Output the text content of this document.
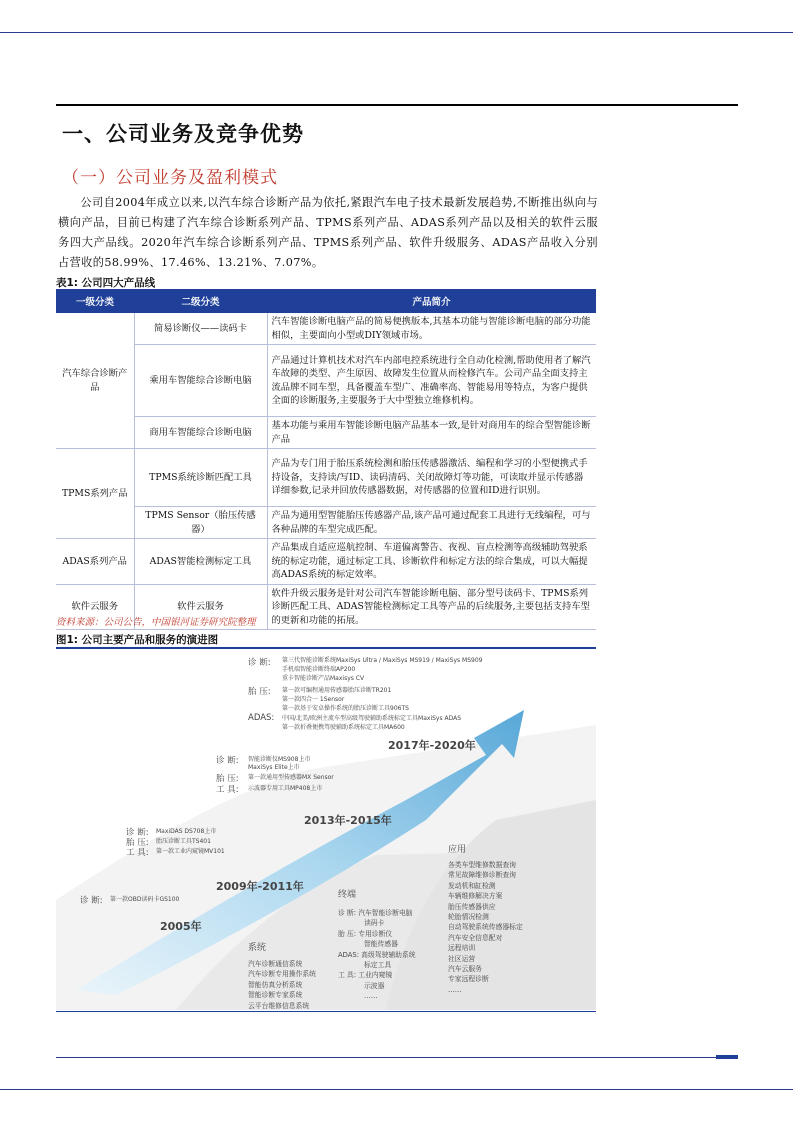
一、公司业务及竞争优势
（一）公司业务及盈利模式
公司自2004年成立以来,以汽车综合诊断产品为依托,紧跟汽车电子技术最新发展趋势,不断推出纵向与横向产品，目前已构建了汽车综合诊断系列产品、TPMS系列产品、ADAS系列产品以及相关的软件云服务四大产品线。2020年汽车综合诊断系列产品、TPMS系列产品、软件升级服务、ADAS产品收入分别占营收的58.99%、17.46%、13.21%、7.07%。
表1: 公司四大产品线
一级分类	二级分类	产品简介
汽车综合诊断产品	简易诊断仪——读码卡	汽车智能诊断电脑产品的简易便携版本,其基本功能与智能诊断电脑的部分功能相似，主要面向小型或DIY领域市场。
	乘用车智能综合诊断电脑	产品通过计算机技术对汽车内部电控系统进行全自动化检测,帮助使用者了解汽车故障的类型、产生原因、故障发生位置从而检修汽车。公司产品全面支持主流品牌不同车型，具备覆盖车型广、准确率高、智能易用等特点，为客户提供全面的诊断服务,主要服务于大中型独立维修机构。
	商用车智能综合诊断电脑	基本功能与乘用车智能诊断电脑产品基本一致,是针对商用车的综合型智能诊断产品
TPMS系列产品	TPMS系统诊断匹配工具	产品为专门用于胎压系统检测和胎压传感器激活、编程和学习的小型便携式手持设备，支持读/写ID、读码清码、关闭故障灯等功能，可读取并显示传感器详细参数,记录并回放传感器数据，对传感器的位置和ID进行识别。
	TPMS Sensor（胎压传感器）	产品为通用型智能胎压传感器产品,该产品可通过配套工具进行无线编程，可与各种品牌的车型完成匹配。
ADAS系列产品	ADAS智能检测标定工具	产品集成自适应巡航控制、车道偏离警告、夜视、盲点检测等高级辅助驾驶系统的标定功能，通过标定工具、诊断软件和标定方法的综合集成，可以大幅提高ADAS系统的标定效率。
软件云服务	软件云服务	软件升级云服务是针对公司汽车智能诊断电脑、部分型号读码卡、TPMS系列诊断匹配工具、ADAS智能检测标定工具等产品的后续服务,主要包括支持车型的更新和功能的拓展。
资料来源：公司公告，中国银河证券研究院整理
图1: 公司主要产品和服务的演进图
诊 断: 第三代智能诊断系统MaxiSys Ultra / MaxiSys MS919 / MaxiSys MS909
手机端智能诊断终端AP200
重卡智能诊断产品Maxisys CV
胎 压: 第一款可编程通用传感器胎压诊断TR201
第一款四合一 1Sensor
第一款基于安卓操作系统的胎压诊断工具906TS
ADAS: 中国/北美/欧洲主流车型高级驾驶辅助系统标定工具MaxiSys ADAS
第一款折叠便携驾驶辅助系统标定工具MA600
2017年-2020年
诊 断: 智能诊断仪MS908上市
MaxiSys Elite上市
胎 压: 第一款通用型传感器MX Sensor
工 具: 示波器专用工具MP408上市
2013年-2015年
诊 断: MaxiDAS DS708上市
胎 压: 胎压诊断工具TS401
工 具: 第一款工业内窥镜MV101
2009年-2011年
诊 断: 第一款OBD读码卡GS100
2005年
系统
汽车诊断通信系统
汽车诊断专用操作系统
智能仿真分析系统
智能诊断专家系统
云平台维修信息系统
终端
诊 断: 汽车智能诊断电脑
读码卡
胎 压: 专用诊断仪
智能传感器
ADAS: 高级驾驶辅助系统
标定工具
工 具: 工业内窥镜
示波器
……
应用
各类车型维修数据查询
常见故障维修诊断查询
发动机和缸检测
车辆维修解决方案
胎压传感器供应
轮胎情况检测
自动驾驶系统传感器标定
汽车安全信息配对
远程培训
社区运营
汽车云服务
专家远程诊断
……
